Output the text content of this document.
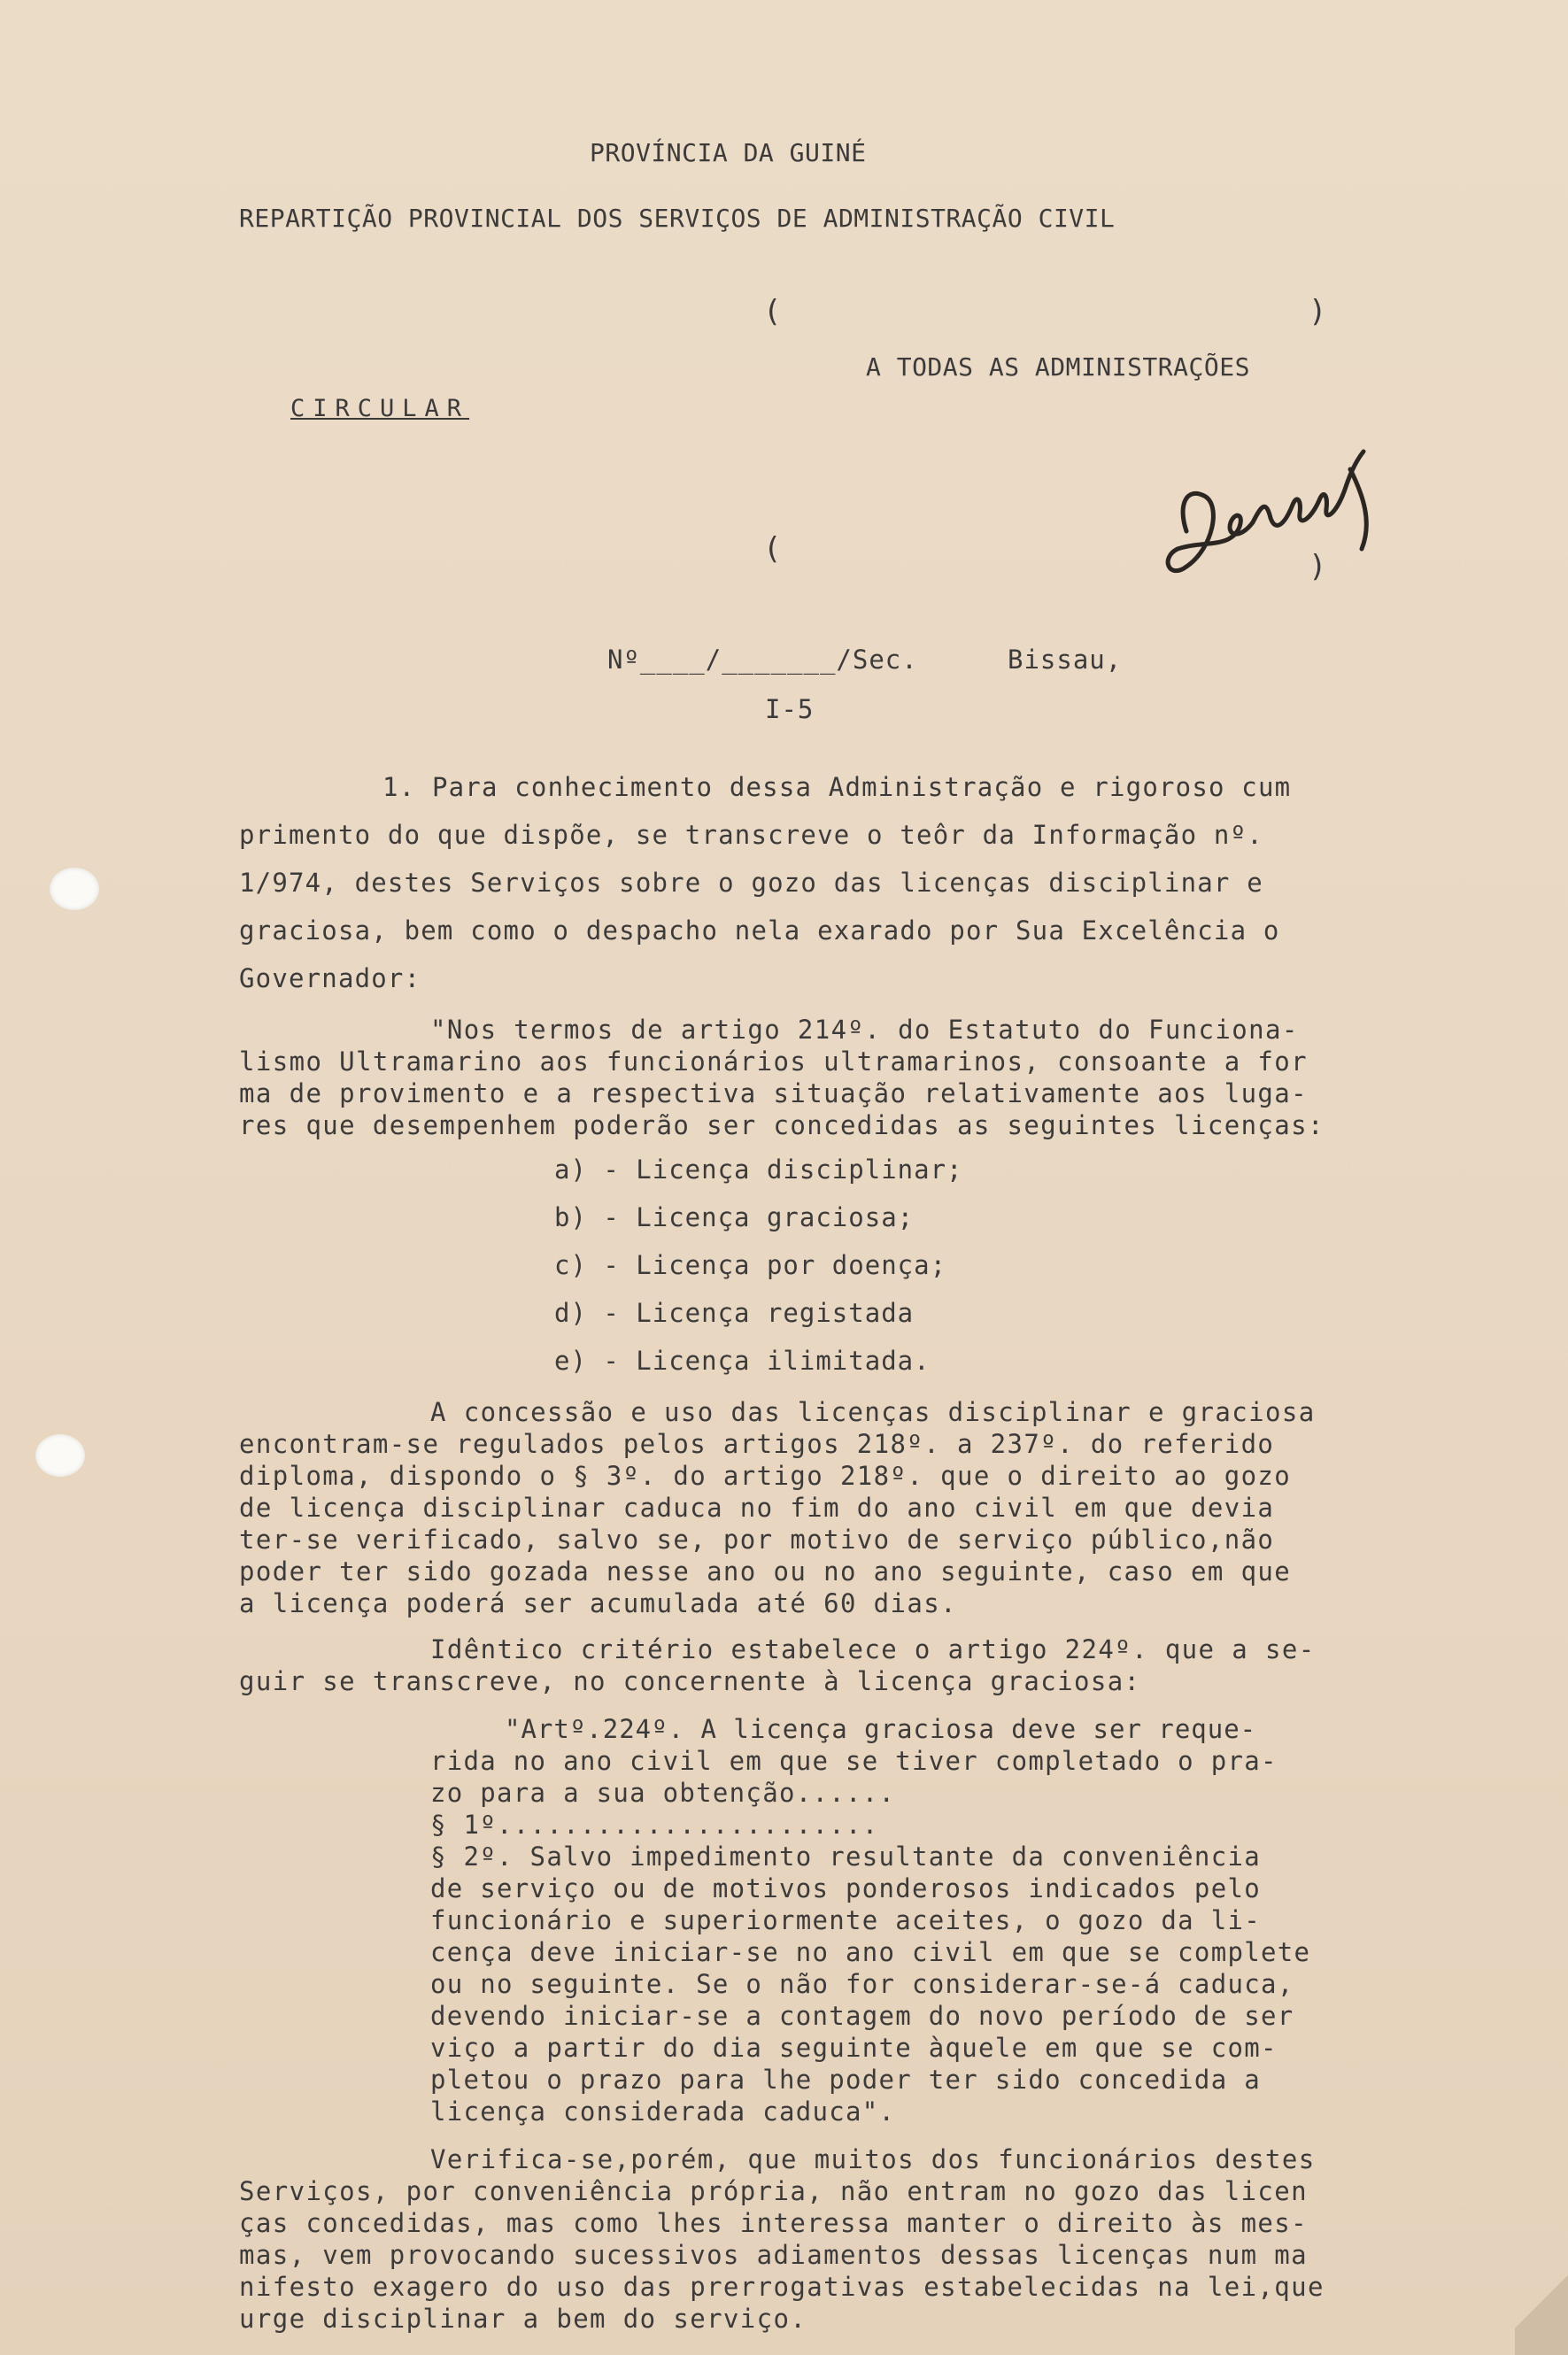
PROVÍNCIA DA GUINÉ
REPARTIÇÃO PROVINCIAL DOS SERVIÇOS DE ADMINISTRAÇÃO CIVIL
(	)
A TODAS AS ADMINISTRAÇÕES
CIRCULAR
(	)
Nº____/_______/Sec.	Bissau,
I-5
1. Para conhecimento dessa Administração e rigoroso cum
primento do que dispõe, se transcreve o teôr da Informação nº.
1/974, destes Serviços sobre o gozo das licenças disciplinar e
graciosa, bem como o despacho nela exarado por Sua Excelência o
Governador:
"Nos termos de artigo 214º. do Estatuto do Funciona-
lismo Ultramarino aos funcionários ultramarinos, consoante a for
ma de provimento e a respectiva situação relativamente aos luga-
res que desempenhem poderão ser concedidas as seguintes licenças:
a) - Licença disciplinar;
b) - Licença graciosa;
c) - Licença por doença;
d) - Licença registada
e) - Licença ilimitada.
A concessão e uso das licenças disciplinar e graciosa
encontram-se regulados pelos artigos 218º. a 237º. do referido
diploma, dispondo o § 3º. do artigo 218º. que o direito ao gozo
de licença disciplinar caduca no fim do ano civil em que devia
ter-se verificado, salvo se, por motivo de serviço público,não
poder ter sido gozada nesse ano ou no ano seguinte, caso em que
a licença poderá ser acumulada até 60 dias.
Idêntico critério estabelece o artigo 224º. que a se-
guir se transcreve, no concernente à licença graciosa:
"Artº.224º. A licença graciosa deve ser reque-
rida no ano civil em que se tiver completado o pra-
zo para a sua obtenção......
§ 1º.......................
§ 2º. Salvo impedimento resultante da conveniência
de serviço ou de motivos ponderosos indicados pelo
funcionário e superiormente aceites, o gozo da li-
cença deve iniciar-se no ano civil em que se complete
ou no seguinte. Se o não for considerar-se-á caduca,
devendo iniciar-se a contagem do novo período de ser
viço a partir do dia seguinte àquele em que se com-
pletou o prazo para lhe poder ter sido concedida a
licença considerada caduca".
Verifica-se,porém, que muitos dos funcionários destes
Serviços, por conveniência própria, não entram no gozo das licen
ças concedidas, mas como lhes interessa manter o direito às mes-
mas, vem provocando sucessivos adiamentos dessas licenças num ma
nifesto exagero do uso das prerrogativas estabelecidas na lei,que
urge disciplinar a bem do serviço.
